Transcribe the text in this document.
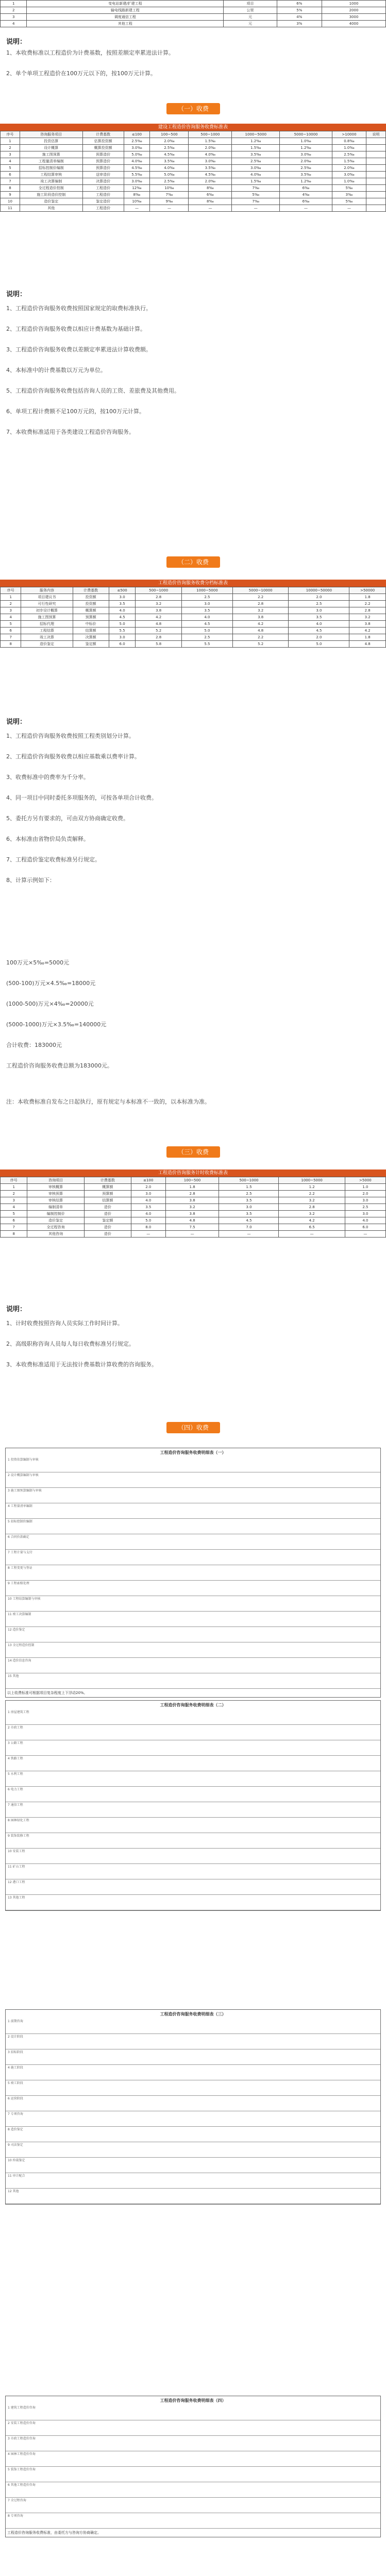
1	变电站新建/扩建工程	项目	6%	1000
2	输电线路新建工程	公里	5%	2000
3	调度通信工程	元	4%	3000
4	其他工程	元	3%	4000
说明：

1、本收费标准以工程造价为计费基数，按照差额定率累进法计算。

2、单个单项工程造价在100万元以下的，按100万元计算。

（一）收费
建设工程造价咨询服务收费标准表
序号	咨询服务项目	计费基数	≤100	100~500	500~1000	1000~5000	5000~10000	>10000	说明
1	投资估算	估算投资额	2.5‰	2.0‰	1.5‰	1.2‰	1.0‰	0.8‰	
2	设计概算	概算投资额	3.0‰	2.5‰	2.0‰	1.5‰	1.2‰	1.0‰	
3	施工图预算	预算造价	5.0‰	4.5‰	4.0‰	3.5‰	3.0‰	2.5‰	
4	工程量清单编制	预算造价	4.0‰	3.5‰	3.0‰	2.5‰	2.0‰	1.5‰	
5	招标控制价编制	预算造价	4.5‰	4.0‰	3.5‰	3.0‰	2.5‰	2.0‰	
6	工程结算审核	送审造价	5.5‰	5.0‰	4.5‰	4.0‰	3.5‰	3.0‰	
7	竣工决算编制	决算造价	3.0‰	2.5‰	2.0‰	1.5‰	1.2‰	1.0‰	
8	全过程造价控制	工程造价	12‰	10‰	8‰	7‰	6‰	5‰	
9	施工阶段造价控制	工程造价	8‰	7‰	6‰	5‰	4‰	3‰	
10	造价鉴定	鉴定造价	10‰	9‰	8‰	7‰	6‰	5‰	
11	其他	工程造价	—	—	—	—	—	—	
说明：

1、工程造价咨询服务收费按照国家规定的取费标准执行。

2、工程造价咨询服务收费以相应计费基数为基础计算。

3、工程造价咨询服务收费以差额定率累进法计算收费额。

4、本标准中的计费基数以万元为单位。

5、工程造价咨询服务收费包括咨询人员的工资、差旅费及其他费用。

6、单项工程计费额不足100万元的，按100万元计算。

7、本收费标准适用于各类建设工程造价咨询服务。

（二）收费
工程造价咨询服务收费分档标准表
序号	服务内容	计费基数	≤500	500~1000	1000~5000	5000~10000	10000~50000	>50000
1	项目建议书	投资额	3.0	2.8	2.5	2.2	2.0	1.8
2	可行性研究	投资额	3.5	3.2	3.0	2.8	2.5	2.2
3	初步设计概算	概算额	4.0	3.8	3.5	3.2	3.0	2.8
4	施工图预算	预算额	4.5	4.2	4.0	3.8	3.5	3.2
5	招标代理	中标价	5.0	4.8	4.5	4.2	4.0	3.8
6	工程结算	结算额	5.5	5.2	5.0	4.8	4.5	4.2
7	竣工决算	决算额	3.0	2.8	2.5	2.2	2.0	1.8
8	造价鉴定	鉴定额	6.0	5.8	5.5	5.2	5.0	4.8
说明：

1、工程造价咨询服务收费按照工程类别划分计算。

2、工程造价咨询服务收费以相应基数乘以费率计算。

3、收费标准中的费率为千分率。

4、同一项目中同时委托多项服务的，可按各单项合计收费。

5、委托方另有要求的，可由双方协商确定收费。

6、本标准由省物价局负责解释。

7、工程造价鉴定收费标准另行规定。

8、计算示例如下：

100万元×5‰=5000元

(500-100)万元×4.5‰=18000元

(1000-500)万元×4‰=20000元

(5000-1000)万元×3.5‰=140000元

合计收费：183000元

工程造价咨询服务收费总额为183000元。
注：本收费标准自发布之日起执行，原有规定与本标准不一致的，以本标准为准。
（三）收费
工程造价咨询服务计时收费标准表
序号	咨询项目	计费基数	≤100	100~500	500~1000	1000~5000	>5000
1	审核概算	概算额	2.0	1.8	1.5	1.2	1.0
2	审核预算	预算额	3.0	2.8	2.5	2.2	2.0
3	审核结算	结算额	4.0	3.8	3.5	3.2	3.0
4	编制清单	造价	3.5	3.2	3.0	2.8	2.5
5	编制控制价	造价	4.0	3.8	3.5	3.2	3.0
6	造价鉴定	鉴定额	5.0	4.8	4.5	4.2	4.0
7	全过程咨询	造价	8.0	7.5	7.0	6.5	6.0
8	其他咨询	造价	—	—	—	—	—
说明：

1、计时收费按照咨询人员实际工作时间计算。

2、高级职称咨询人员每人每日收费标准另行规定。

3、本收费标准适用于无法按计费基数计算收费的咨询服务。

（四）收费
工程造价咨询服务收费明细表（一）
1 投资估算编制与审核
2 设计概算编制与审核
3 施工图预算编制与审核
4 工程量清单编制
5 招标控制价编制
6 合同价款确定
7 工程计量与支付
8 工程变更与签证
9 工程索赔处理
10 工程结算编制与审核
11 竣工决算编制
12 造价鉴定
13 全过程造价控制
14 造价信息咨询
15 其他
以上收费标准可根据项目复杂程度上下浮动20%。
工程造价咨询服务收费明细表（二）
1 房屋建筑工程
2 市政工程
3 公路工程
4 铁路工程
5 水利工程
6 电力工程
7 通信工程
8 园林绿化工程
9 装饰装修工程
10 安装工程
11 矿山工程
12 港口工程
13 其他工程
工程造价咨询服务收费明细表（三）
1 前期咨询
2 设计阶段
3 招标阶段
4 施工阶段
5 竣工阶段
6 运营阶段
7 专项咨询
8 造价鉴定
9 司法鉴定
10 仲裁鉴定
11 审计配合
12 其他
工程造价咨询服务收费明细表（四）
1 建筑工程造价咨询
2 安装工程造价咨询
3 市政工程造价咨询
4 园林工程造价咨询
5 装饰工程造价咨询
6 其他工程造价咨询
7 全过程咨询
8 专项咨询
工程造价咨询服务收费标准，由委托方与咨询方协商确定。
